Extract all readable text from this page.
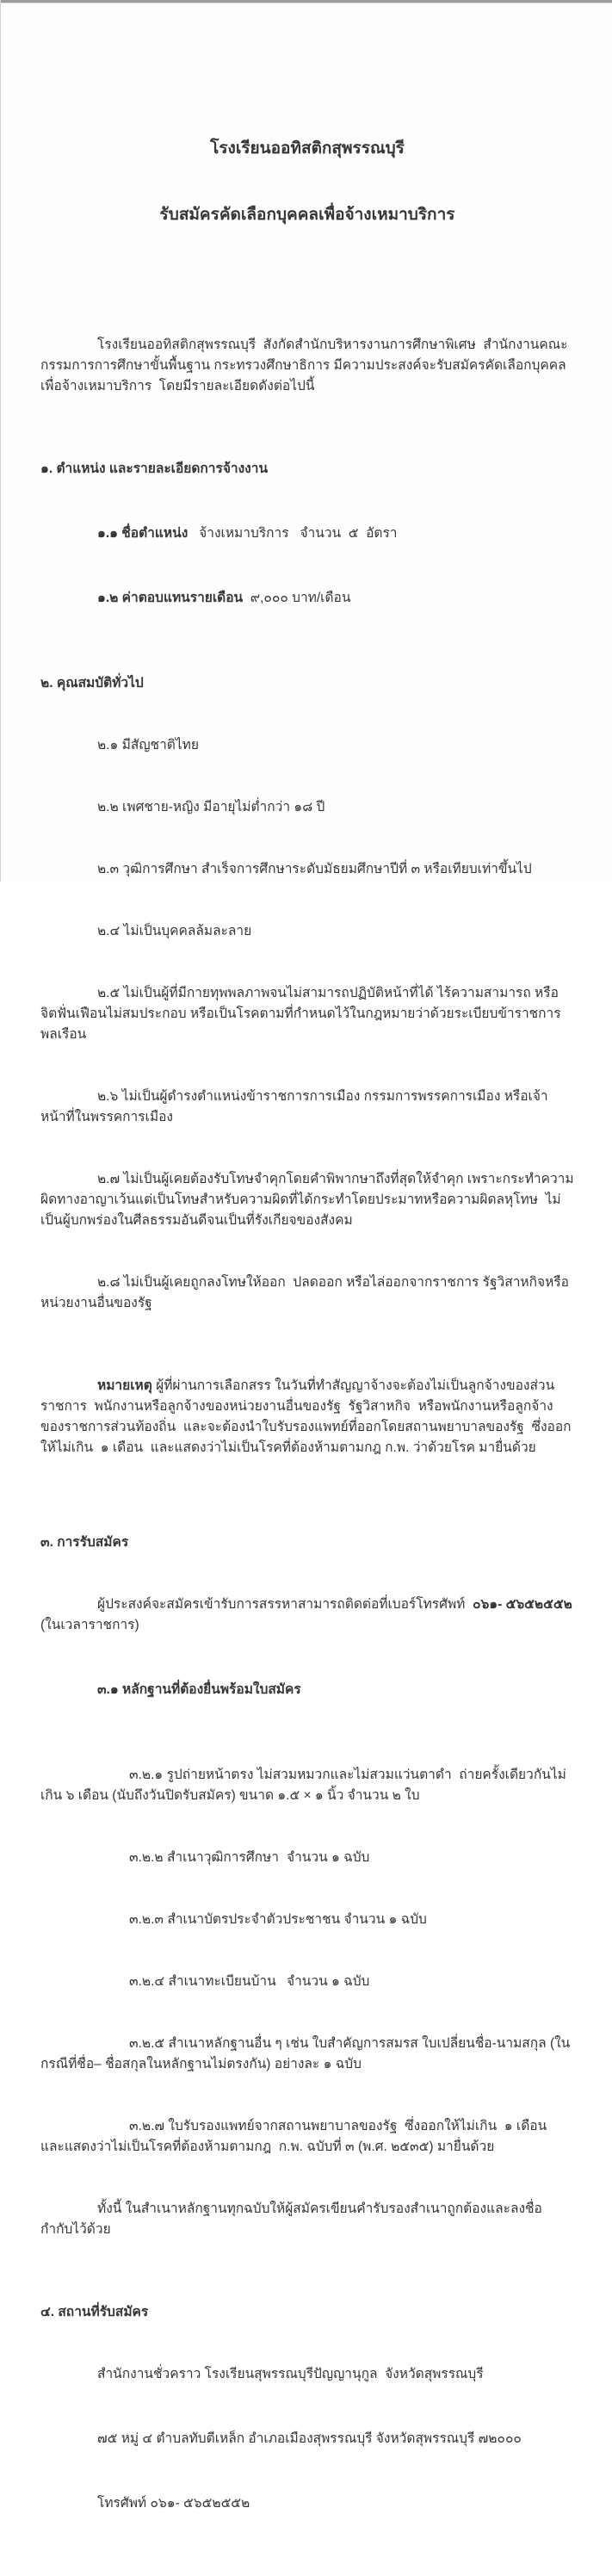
โรงเรียนออทิสติกสุพรรณบุรี

รับสมัครคัดเลือกบุคคลเพื่อจ้างเหมาบริการ

โรงเรียนออทิสติกสุพรรณบุรี  สังกัดสำนักบริหารงานการศึกษาพิเศษ  สำนักงานคณะกรรมการการศึกษาขั้นพื้นฐาน กระทรวงศึกษาธิการ มีความประสงค์จะรับสมัครคัดเลือกบุคคลเพื่อจ้างเหมาบริการ  โดยมีรายละเอียดดังต่อไปนี้

๑. ตำแหน่ง และรายละเอียดการจ้างงาน

๑.๑ ชื่อตำแหน่ง   จ้างเหมาบริการ   จำนวน  ๕  อัตรา

๑.๒ ค่าตอบแทนรายเดือน  ๙,๐๐๐ บาท/เดือน

๒. คุณสมบัติทั่วไป

๒.๑ มีสัญชาติไทย

๒.๒ เพศชาย-หญิง มีอายุไม่ต่ำกว่า ๑๘ ปี

๒.๓ วุฒิการศึกษา สำเร็จการศึกษาระดับมัธยมศึกษาปีที่ ๓ หรือเทียบเท่าขึ้นไป

๒.๔ ไม่เป็นบุคคลล้มละลาย

๒.๕ ไม่เป็นผู้ที่มีกายทุพพลภาพจนไม่สามารถปฏิบัติหน้าที่ได้ ไร้ความสามารถ หรือจิตฟั่นเฟือนไม่สมประกอบ หรือเป็นโรคตามที่กำหนดไว้ในกฎหมายว่าด้วยระเบียบข้าราชการพลเรือน

๒.๖ ไม่เป็นผู้ดำรงตำแหน่งข้าราชการการเมือง กรรมการพรรคการเมือง หรือเจ้าหน้าที่ในพรรคการเมือง

๒.๗ ไม่เป็นผู้เคยต้องรับโทษจำคุกโดยคำพิพากษาถึงที่สุดให้จำคุก เพราะกระทำความผิดทางอาญาเว้นแต่เป็นโทษสำหรับความผิดที่ได้กระทำโดยประมาทหรือความผิดลหุโทษ  ไม่เป็นผู้บกพร่องในศีลธรรมอันดีจนเป็นที่รังเกียจของสังคม

๒.๘ ไม่เป็นผู้เคยถูกลงโทษให้ออก  ปลดออก หรือไล่ออกจากราชการ รัฐวิสาหกิจหรือหน่วยงานอื่นของรัฐ

หมายเหตุ ผู้ที่ผ่านการเลือกสรร ในวันที่ทำสัญญาจ้างจะต้องไม่เป็นลูกจ้างของส่วนราชการ  พนักงานหรือลูกจ้างของหน่วยงานอื่นของรัฐ  รัฐวิสาหกิจ  หรือพนักงานหรือลูกจ้างของราชการส่วนท้องถิ่น  และจะต้องนำใบรับรองแพทย์ที่ออกโดยสถานพยาบาลของรัฐ  ซึ่งออกให้ไม่เกิน  ๑ เดือน  และแสดงว่าไม่เป็นโรคที่ต้องห้ามตามกฎ ก.พ. ว่าด้วยโรค มายื่นด้วย

๓. การรับสมัคร

ผู้ประสงค์จะสมัครเข้ารับการสรรหาสามารถติดต่อที่เบอร์โทรศัพท์  ๐๖๑- ๕๖๕๒๕๕๒ (ในเวลาราชการ)

๓.๑ หลักฐานที่ต้องยื่นพร้อมใบสมัคร

๓.๒.๑ รูปถ่ายหน้าตรง ไม่สวมหมวกและไม่สวมแว่นตาดำ  ถ่ายครั้งเดียวกันไม่เกิน ๖ เดือน (นับถึงวันปิดรับสมัคร) ขนาด ๑.๕ × ๑ นิ้ว จำนวน ๒ ใบ

๓.๒.๒ สำเนาวุฒิการศึกษา จำนวน ๑ ฉบับ

๓.๒.๓ สำเนาบัตรประจำตัวประชาชน จำนวน ๑ ฉบับ

๓.๒.๔ สำเนาทะเบียนบ้าน จำนวน ๑ ฉบับ

๓.๒.๕ สำเนาหลักฐานอื่น ๆ เช่น ใบสำคัญการสมรส ใบเปลี่ยนชื่อ-นามสกุล (ในกรณีที่ชื่อ– ชื่อสกุลในหลักฐานไม่ตรงกัน) อย่างละ ๑ ฉบับ

๓.๒.๗ ใบรับรองแพทย์จากสถานพยาบาลของรัฐ  ซึ่งออกให้ไม่เกิน  ๑ เดือน  และแสดงว่าไม่เป็นโรคที่ต้องห้ามตามกฎ  ก.พ. ฉบับที่ ๓ (พ.ศ. ๒๕๓๕) มายื่นด้วย

ทั้งนี้ ในสำเนาหลักฐานทุกฉบับให้ผู้สมัครเขียนคำรับรองสำเนาถูกต้องและลงชื่อกำกับไว้ด้วย

๔. สถานที่รับสมัคร

สำนักงานชั่วคราว โรงเรียนสุพรรณบุรีปัญญานุกูล  จังหวัดสุพรรณบุรี

๗๕ หมู่ ๔ ตำบลทับตีเหล็ก อำเภอเมืองสุพรรณบุรี จังหวัดสุพรรณบุรี ๗๒๐๐๐

โทรศัพท์ ๐๖๑- ๕๖๕๒๕๕๒
